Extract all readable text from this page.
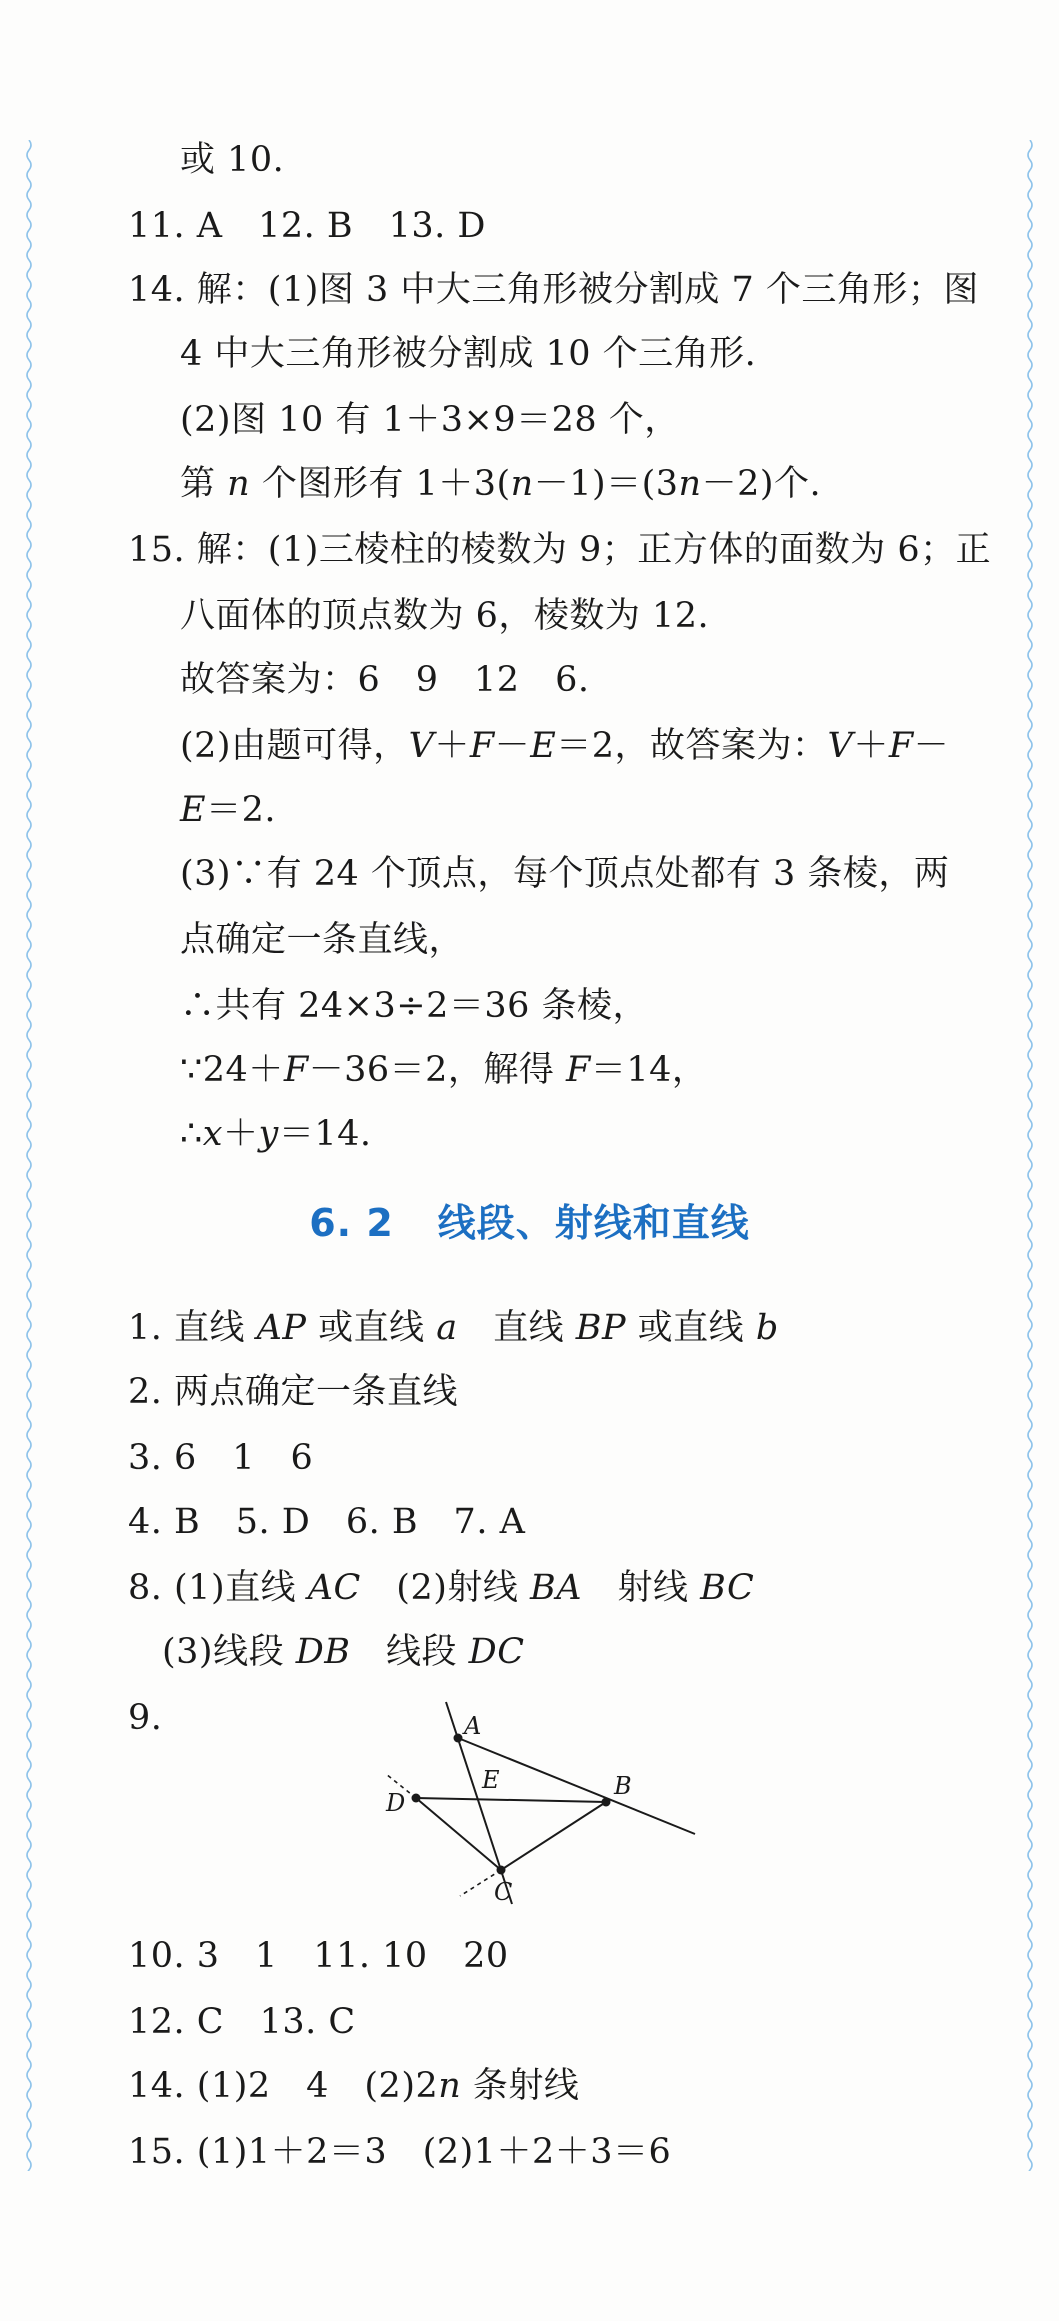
或 10.
11. A　12. B　13. D
14. 解：(1)图 3 中大三角形被分割成 7 个三角形；图
4 中大三角形被分割成 10 个三角形.
(2)图 10 有 1＋3×9＝28 个，
第 n 个图形有 1＋3(n－1)＝(3n－2)个.
15. 解：(1)三棱柱的棱数为 9；正方体的面数为 6；正
八面体的顶点数为 6，棱数为 12.
故答案为：6　9　12　6.
(2)由题可得，V＋F－E＝2，故答案为：V＋F－
E＝2.
(3)∵有 24 个顶点，每个顶点处都有 3 条棱，两
点确定一条直线，
∴共有 24×3÷2＝36 条棱，
∵24＋F－36＝2，解得 F＝14，
∴x＋y＝14.
6. 2 线段、射线和直线
1. 直线 AP 或直线 a　直线 BP 或直线 b
2. 两点确定一条直线
3. 6　1　6
4. B　5. D　6. B　7. A
8. (1)直线 AC　(2)射线 BA　射线 BC
(3)线段 DB　线段 DC
9.	A
B
C
D
E
10. 3　1　11. 10　20
12. C　13. C
14. (1)2　4　(2)2n 条射线
15. (1)1＋2＝3　(2)1＋2＋3＝6
